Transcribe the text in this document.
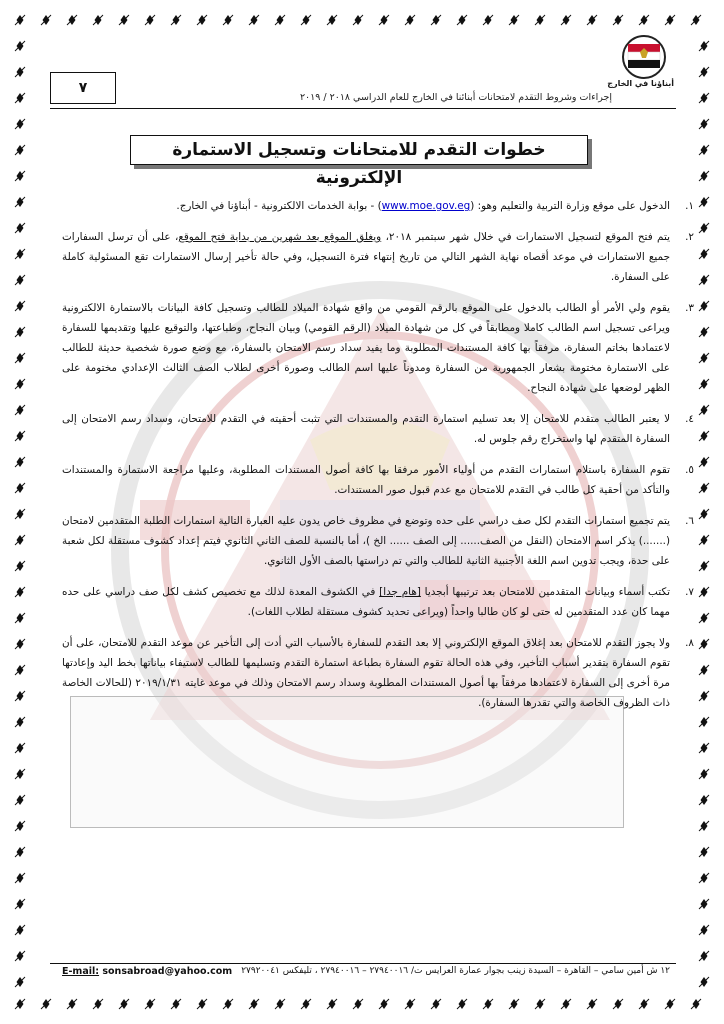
أبناؤنا في الخارج
٧
إجراءات وشروط التقدم لامتحانات أبنائنا في الخارج للعام الدراسي ٢٠١٨ / ٢٠١٩
خطوات التقدم للامتحانات وتسجيل الاستمارة الإلكترونية
.١
الدخول على موقع وزارة التربية والتعليم وهو: (www.moe.gov.eg) - بوابة الخدمات الالكترونية - أبناؤنا في الخارج.
.٢
يتم فتح الموقع لتسجيل الاستمارات في خلال شهر سبتمبر ٢٠١٨، ويغلق الموقع بعد شهرين من بداية فتح الموقع، على أن ترسل السفارات جميع الاستمارات في موعد أقصاه نهاية الشهر التالي من تاريخ إنتهاء فترة التسجيل، وفي حالة تأخير إرسال الاستمارات تقع المسئولية كاملة على السفارة.
.٣
يقوم ولي الأمر أو الطالب بالدخول على الموقع بالرقم القومي من واقع شهادة الميلاد للطالب وتسجيل كافة البيانات بالاستمارة الالكترونية ويراعى تسجيل اسم الطالب كاملا ومطابقاً في كل من شهادة الميلاد (الرقم القومي) وبيان النجاح، وطباعتها، والتوقيع عليها وتقديمها للسفارة لاعتمادها بخاتم السفارة، مرفقاً بها كافة المستندات المطلوبة وما يفيد سداد رسم الامتحان بالسفارة، مع وضع صورة شخصية حديثة للطالب على الاستمارة مختومة بشعار الجمهورية من السفارة ومدوناً عليها اسم الطالب وصورة أخرى لطلاب الصف الثالث الإعدادي مختومة على الظهر لوضعها على شهادة النجاح.
.٤
لا يعتبر الطالب متقدم للامتحان إلا بعد تسليم استمارة التقدم والمستندات التي تثبت أحقيته في التقدم للامتحان، وسداد رسم الامتحان إلى السفارة المتقدم لها واستخراج رقم جلوس له.
.٥
تقوم السفارة باستلام استمارات التقدم من أولياء الأمور مرفقا بها كافة أصول المستندات المطلوبة، وعليها مراجعة الاستمارة والمستندات والتأكد من أحقية كل طالب في التقدم للامتحان مع عدم قبول صور المستندات.
.٦
يتم تجميع استمارات التقدم لكل صف دراسي على حده وتوضع في مظروف خاص يدون عليه العبارة التالية استمارات الطلبة المتقدمين لامتحان (.......) يذكر اسم الامتحان (النقل من الصف...... إلى الصف ...... الخ )، أما بالنسبة للصف الثاني الثانوي فيتم إعداد كشوف مستقلة لكل شعبة على حدة، ويجب تدوين اسم اللغة الأجنبية الثانية للطالب والتي تم دراستها بالصف الأول الثانوي.
.٧
تكتب أسماء وبيانات المتقدمين للامتحان بعد ترتيبها أبجديا [هام جدا] في الكشوف المعدة لذلك مع تخصيص كشف لكل صف دراسي على حده مهما كان عدد المتقدمين له حتى لو كان طالبا واحداً (ويراعى تحديد كشوف مستقلة لطلاب اللغات).
.٨
ولا يجوز التقدم للامتحان بعد إغلاق الموقع الإلكتروني إلا بعد التقدم للسفارة بالأسباب التي أدت إلى التأخير عن موعد التقدم للامتحان، على أن تقوم السفارة بتقدير أسباب التأخير، وفي هذه الحالة تقوم السفارة بطباعة استمارة التقدم وتسليمها للطالب لاستيفاء بياناتها بخط اليد وإعادتها مرة أخرى إلى السفارة لاعتمادها مرفقاً بها أصول المستندات المطلوبة وسداد رسم الامتحان وذلك في موعد غايته ٢٠١٩/١/٣١ (للحالات الخاصة ذات الظروف الخاصة والتي تقدرها السفارة).
E-mail: sonsabroad@yahoo.com ١٢ ش أمين سامي – القاهرة – السيدة زينب بجوار عمارة العرايس ت/ ٢٧٩٤٠٠١٦ – ٢٧٩٤٠٠١٦ ، تليفكس ٢٧٩٢٠٠٤١
